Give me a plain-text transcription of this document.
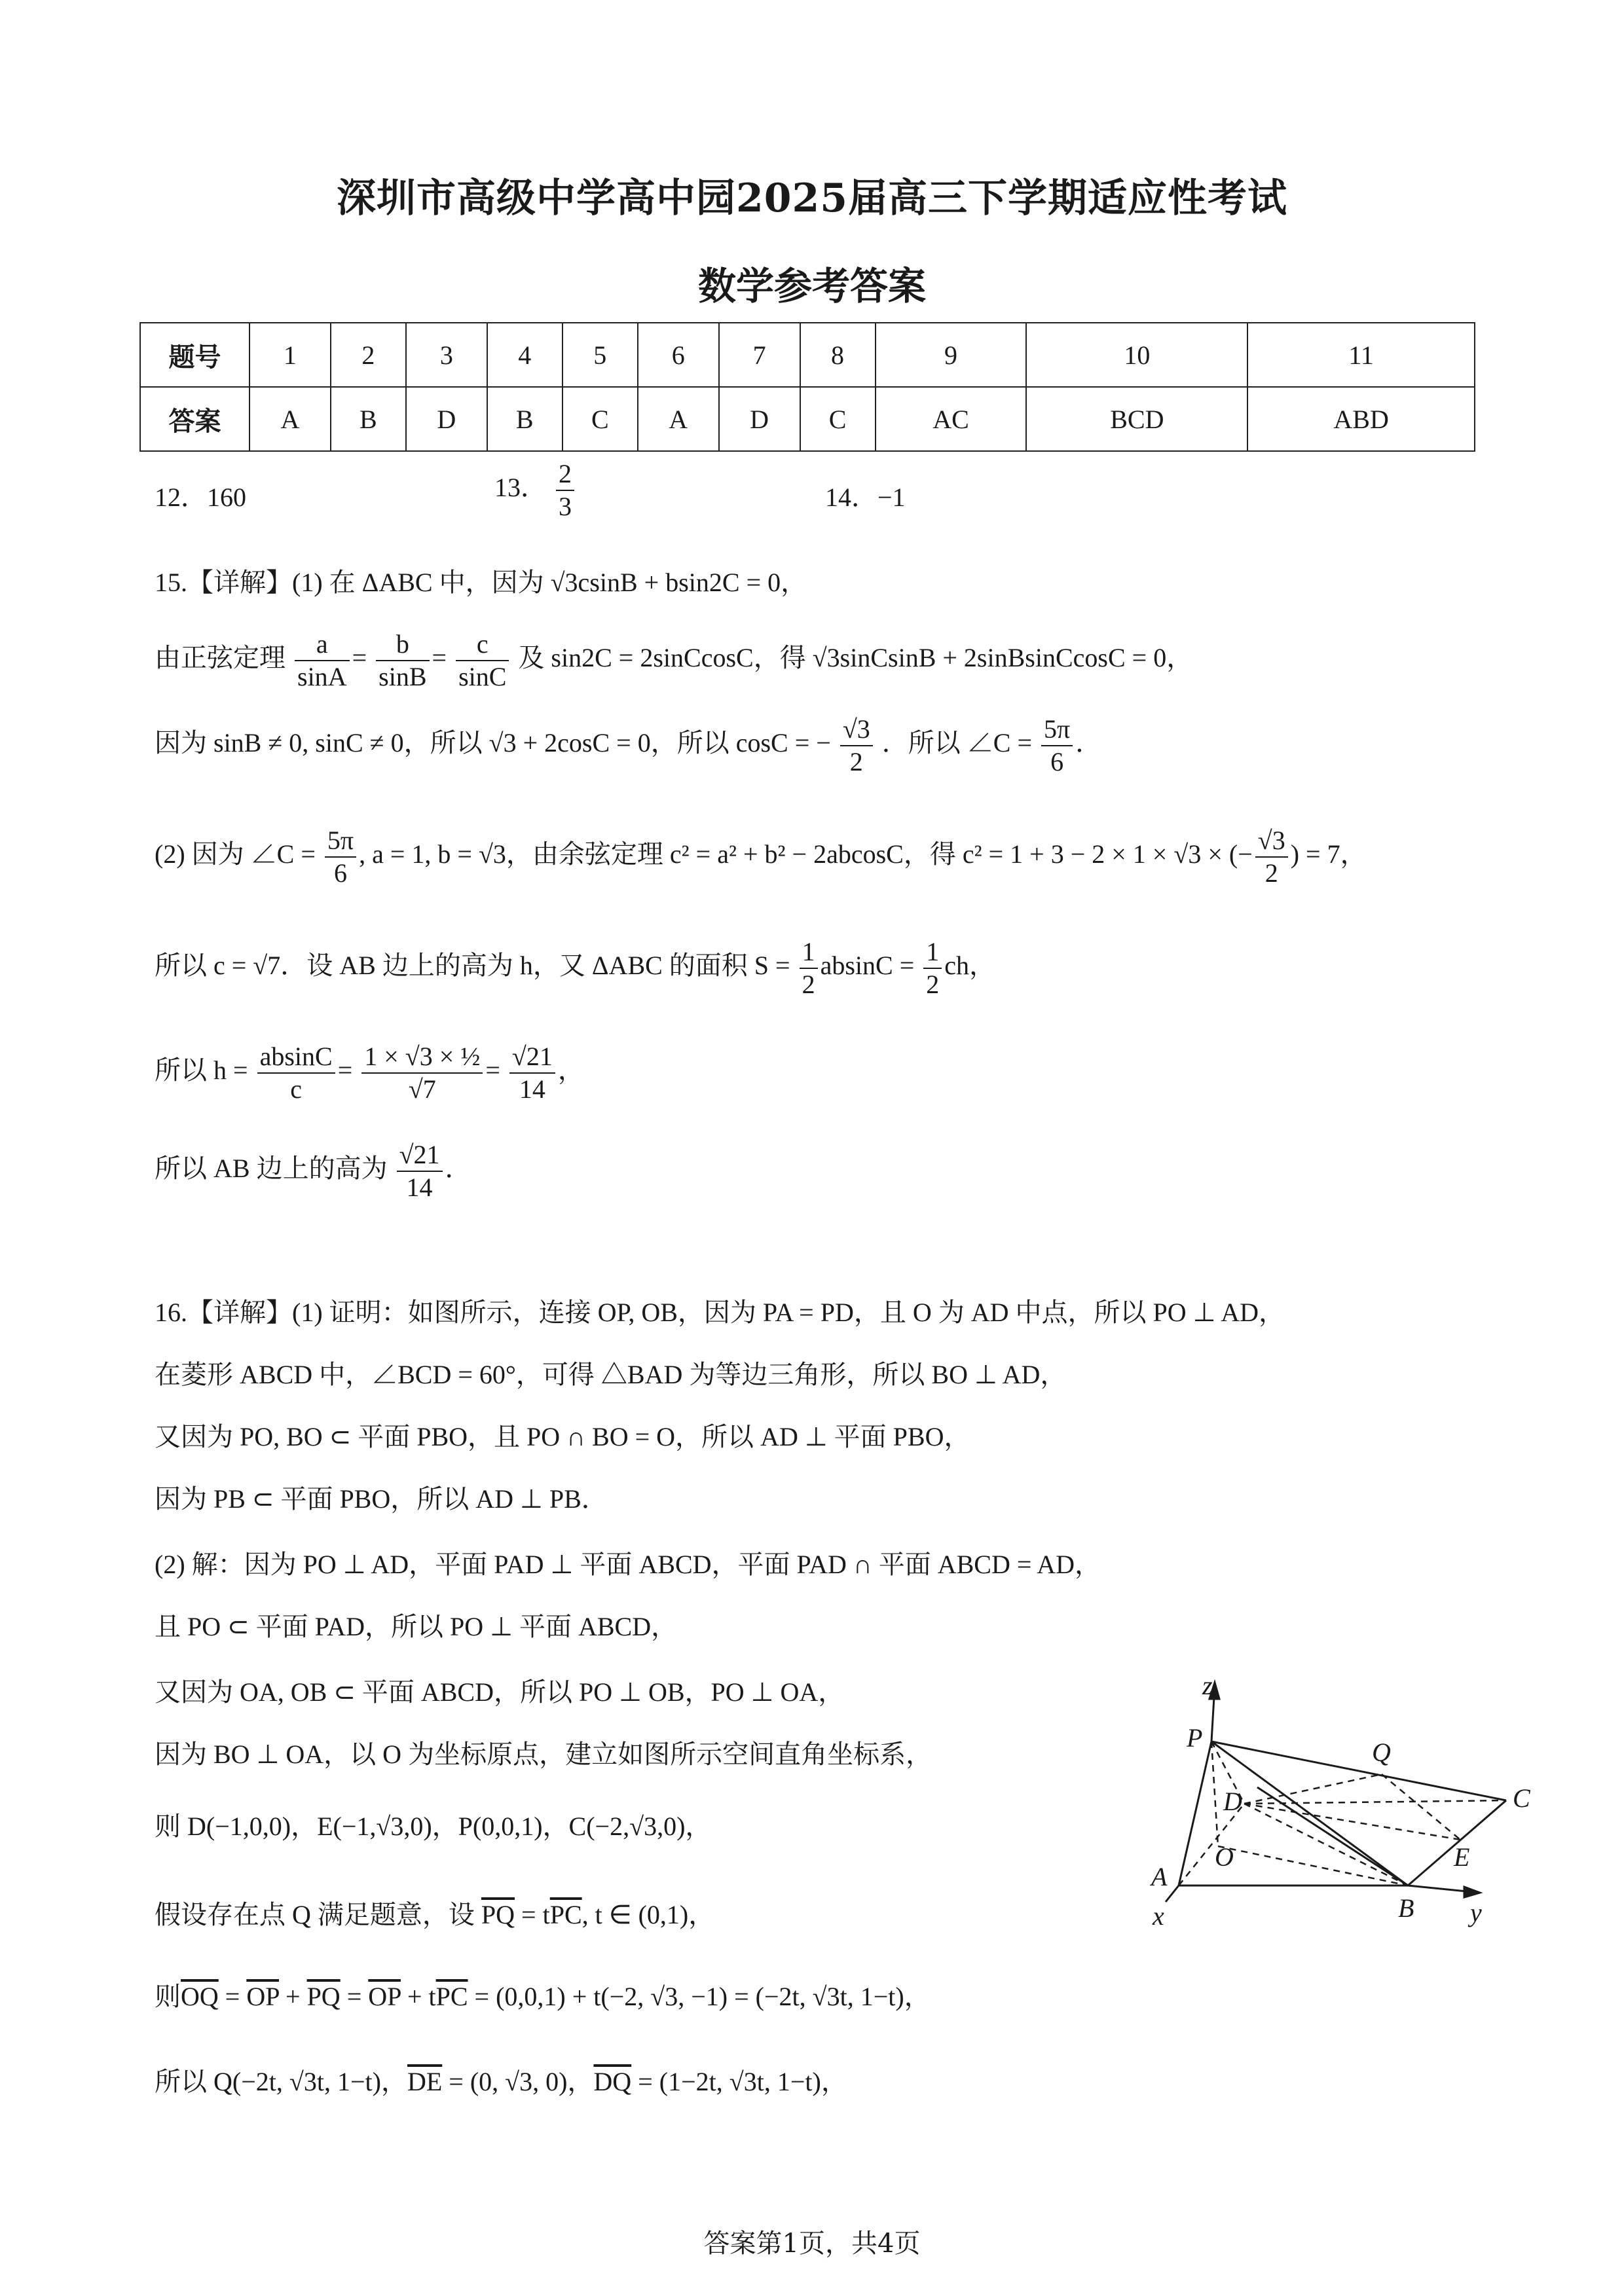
深圳市高级中学高中园2025届高三下学期适应性考试
数学参考答案
题号	1	2	3	4	5	6	7	8	9	10	11
答案	A	B	D	B	C	A	D	C	AC	BCD	ABD
12．160	13． $\frac{2}{3}$	14．−1
15.【详解】(1) 在 ΔABC 中，因为 √3csinB + bsin2C = 0，
由正弦定理 $\frac{a}{\sin A} = \frac{b}{\sin B} = \frac{c}{\sin C}$ 及 sin2C = 2sinCcosC，得 √3sinCsinB + 2sinBsinCcosC = 0，
因为 sinB ≠ 0, sinC ≠ 0，所以 √3 + 2cosC = 0，所以 cosC = − $\frac{√3}{2}$ ．所以 ∠C = $\frac{5\pi}{6}$ ．
(2) 因为 ∠C = $\frac{5\pi}{6}$ , a = 1, b = √3，由余弦定理 c² = a² + b² − 2abcosC，得 c² = 1 + 3 − 2 × 1 × √3 × (− $\frac{√3}{2}$ ) = 7，
所以 c = √7．设 AB 边上的高为 h，又 ΔABC 的面积 $S = \frac{1}{2}$ $absinC = \frac{1}{2}$ ch，
所以 $h = \frac{absinC}{c} = \frac{\text{1 × √3 × ½}}{√7} = \frac{√21}{14}$ ，
所以 AB 边上的高为 $\frac{√21}{14}$ ．
16.【详解】(1) 证明：如图所示，连接 OP, OB，因为 PA = PD，且 O 为 AD 中点，所以 PO ⊥ AD，
在菱形 ABCD 中，∠BCD = 60°，可得 △BAD 为等边三角形，所以 BO ⊥ AD，
又因为 PO, BO ⊂ 平面 PBO，且 PO ∩ BO = O，所以 AD ⊥ 平面 PBO，
因为 PB ⊂ 平面 PBO，所以 AD ⊥ PB．
(2) 解：因为 PO ⊥ AD，平面 PAD ⊥ 平面 ABCD，平面 PAD ∩ 平面 ABCD = AD，
且 PO ⊂ 平面 PAD，所以 PO ⊥ 平面 ABCD，
又因为 OA, OB ⊂ 平面 ABCD，所以 PO ⊥ OB，PO ⊥ OA，
因为 BO ⊥ OA，以 O 为坐标原点，建立如图所示空间直角坐标系，
则 D(−1,0,0)，E(−1,√3,0)，P(0,0,1)，C(−2,√3,0)，
假设存在点 Q 满足题意，设 $\overline{PQ} = t\overline{PC}$, t ∈ (0,1)，
则$\overline{OQ} = \overline{OP} + \overline{PQ} = \overline{OP} + t\overline{PC} = (0,0,1) + t(-2$, √3, −1) = (−2t, √3t, 1−t)，
所以 Q(−2t, √3t, 1−t)，$\overline{DE} = (0$, √3, 0)，$\overline{DQ} = (1-2t$, √3t, 1−t)，
z
P	Q
C
D
O	E
A
B
x	y
答案第1页，共4页
